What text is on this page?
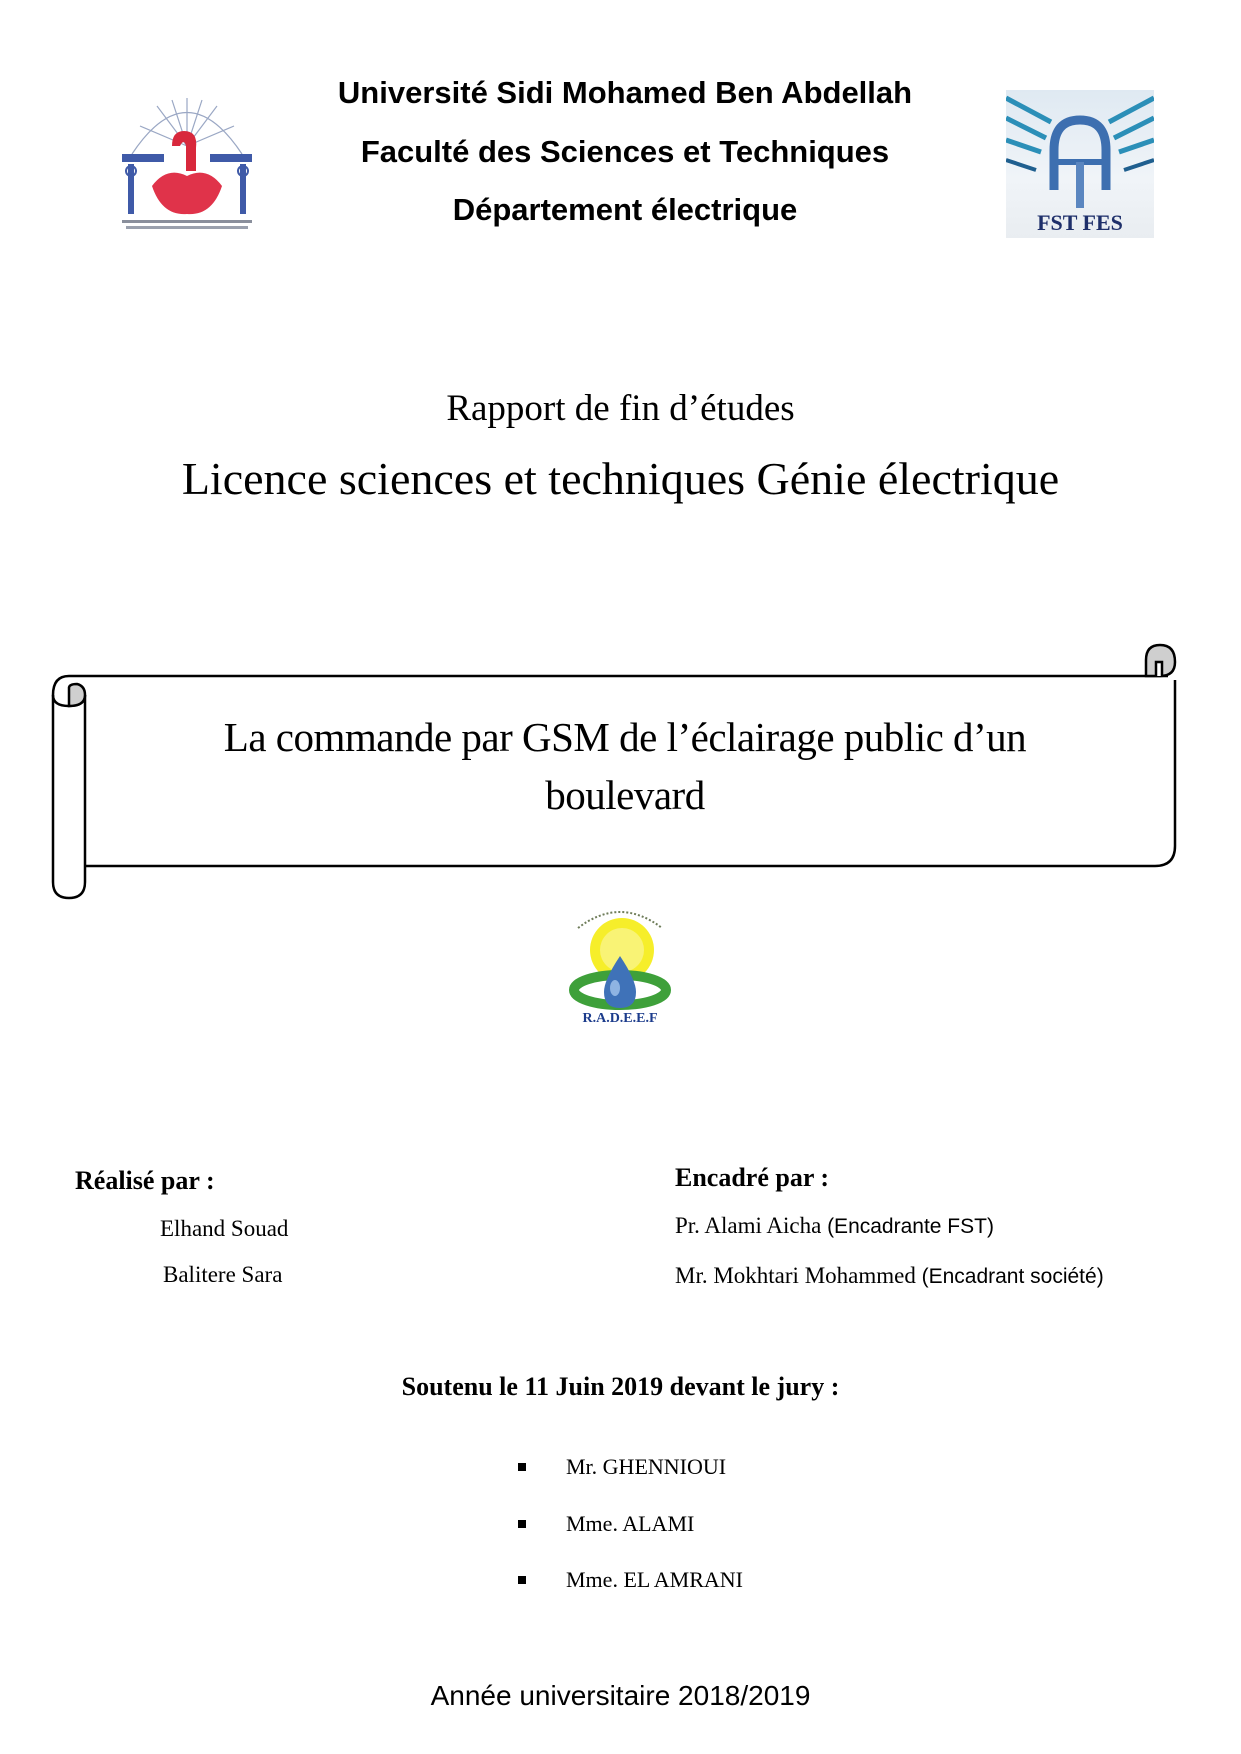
Université Sidi Mohamed Ben Abdellah
Faculté des Sciences et Techniques
Département électrique	FST FES
Rapport de fin d’études
Licence sciences et techniques Génie électrique
La commande par GSM de l’éclairage public d’un
boulevard
R.A.D.E.E.F
Réalisé par :
Elhand Souad
Balitere Sara
Encadré par :
Pr. Alami Aicha (Encadrante FST)
Mr. Mokhtari Mohammed (Encadrant société)
Soutenu le 11 Juin 2019 devant le jury :
Mr. GHENNIOUI
Mme. ALAMI
Mme. EL AMRANI
Année universitaire 2018/2019
